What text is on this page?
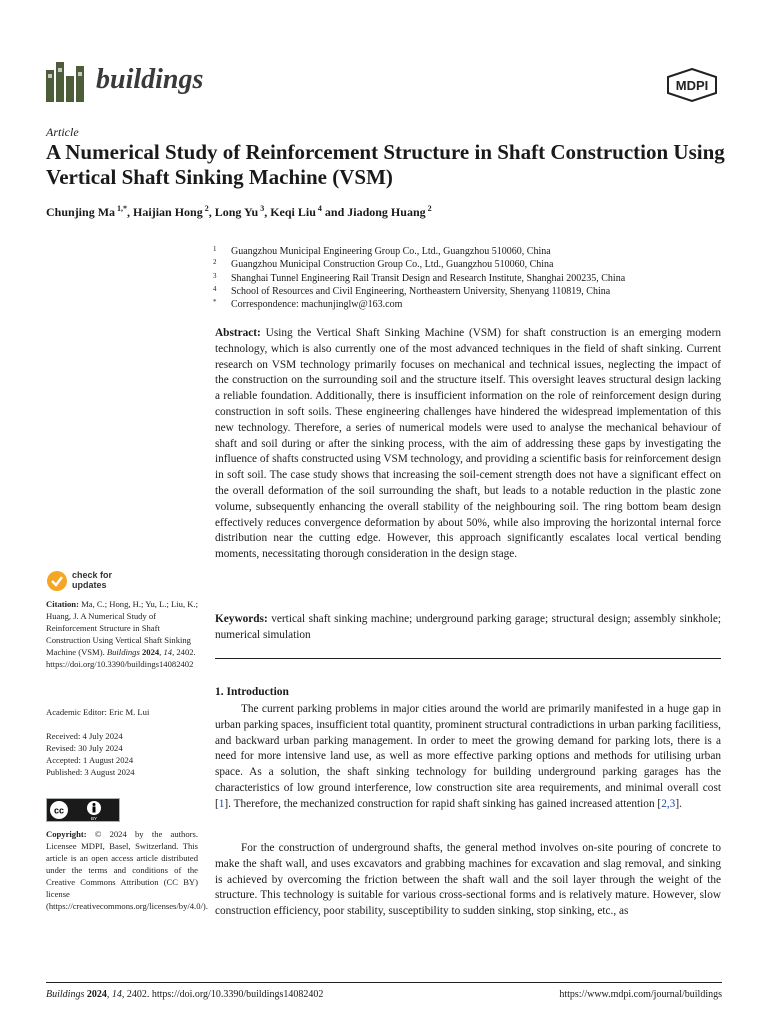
buildings	MDPI
Article
A Numerical Study of Reinforcement Structure in Shaft Construction Using Vertical Shaft Sinking Machine (VSM)
Chunjing Ma $^{1,*}$, Haijian Hong $^2$, Long Yu $^3$, Keqi Liu $^4$ and Jiadong Huang $^2$
1 Guangzhou Municipal Engineering Group Co., Ltd., Guangzhou 510060, China
2 Guangzhou Municipal Construction Group Co., Ltd., Guangzhou 510060, China
3 Shanghai Tunnel Engineering Rail Transit Design and Research Institute, Shanghai 200235, China
4 School of Resources and Civil Engineering, Northeastern University, Shenyang 110819, China
* Correspondence: machunjinglw@163.com
Abstract: Using the Vertical Shaft Sinking Machine (VSM) for shaft construction is an emerging modern technology, which is also currently one of the most advanced techniques in the field of shaft sinking. Current research on VSM technology primarily focuses on mechanical and technical issues, neglecting the impact of the construction on the surrounding soil and the structure itself. This oversight leaves structural design lacking a reliable foundation. Additionally, there is insufficient information on the role of reinforcement design during construction in soft soils. These engineering challenges have hindered the widespread implementation of this new technology. Therefore, a series of numerical models were used to analyse the mechanical behaviour of shaft and soil during or after the sinking process, with the aim of addressing these gaps by investigating the influence of shafts constructed using VSM technology, and providing a scientific basis for reinforcement design in soft soil. The case study shows that increasing the soil-cement strength does not have a significant effect on the overall deformation of the soil surrounding the shaft, but leads to a notable reduction in the plastic zone volume, subsequently enhancing the overall stability of the neighbouring soil. The ring bottom beam design effectively reduces convergence deformation by about 50%, while also improving the horizontal internal force distribution near the cutting edge. However, this approach significantly escalates local vertical bending moments, necessitating thorough consideration in the design stage.
Keywords: vertical shaft sinking machine; underground parking garage; structural design; assembly sinkhole; numerical simulation
1. Introduction
The current parking problems in major cities around the world are primarily manifested in a huge gap in urban parking spaces, insufficient total quantity, prominent structural contradictions in urban parking facilitiess, and backward urban parking management. In order to meet the growing demand for parking lots, there is a need for more intensive land use, as well as more effective parking options and methods for utilising urban space. As a solution, the shaft sinking technology for building underground parking garages has the characteristics of low ground interference, low construction site area requirements, and minimal overall cost [1]. Therefore, the mechanized construction for rapid shaft sinking has gained increased attention [2,3].
For the construction of underground shafts, the general method involves on-site pouring of concrete to make the shaft wall, and uses excavators and grabbing machines for excavation and slag removal, and sinking is achieved by overcoming the friction between the shaft wall and the soil layer through the weight of the structure. This technology is suitable for various cross-sectional forms and is relatively mature. However, slow construction efficiency, poor stability, susceptibility to sudden sinking, stop sinking, etc., as
check for
updates
Citation: Ma, C.; Hong, H.; Yu, L.; Liu, K.; Huang, J. A Numerical Study of Reinforcement Structure in Shaft Construction Using Vertical Shaft Sinking Machine (VSM). Buildings 2024, 14, 2402. https://doi.org/10.3390/buildings14082402
Academic Editor: Eric M. Lui
Received: 4 July 2024
Revised: 30 July 2024
Accepted: 1 August 2024
Published: 3 August 2024
cc
BY
Copyright: © 2024 by the authors. Licensee MDPI, Basel, Switzerland. This article is an open access article distributed under the terms and conditions of the Creative Commons Attribution (CC BY) license (https://creativecommons.org/licenses/by/4.0/).
Buildings 2024, 14, 2402. https://doi.org/10.3390/buildings14082402	https://www.mdpi.com/journal/buildings
